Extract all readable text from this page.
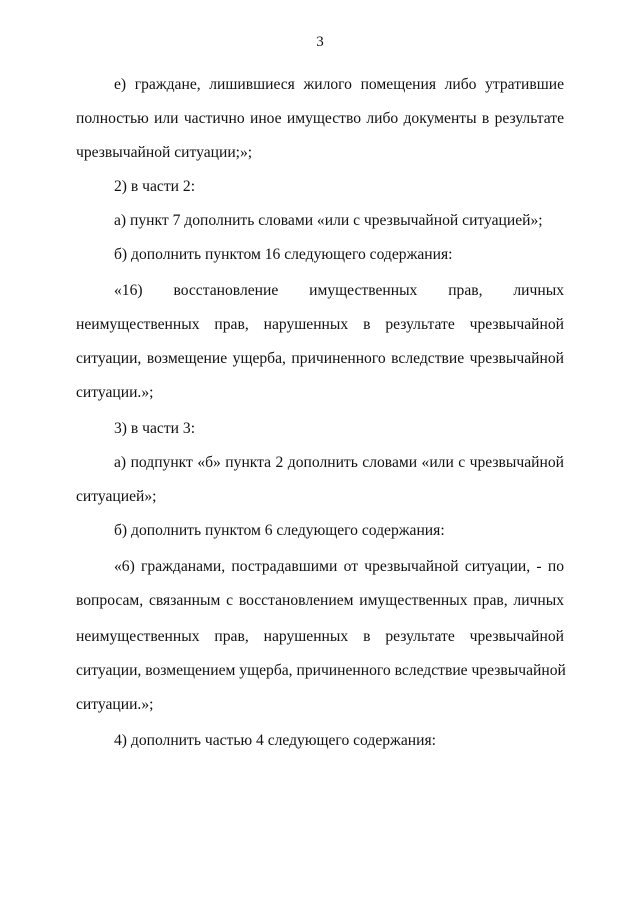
3
е) граждане, лишившиеся жилого помещения либо утратившие
полностью или частично иное имущество либо документы в результате
чрезвычайной ситуации;»;
2) в части 2:
а) пункт 7 дополнить словами «или с чрезвычайной ситуацией»;
б) дополнить пунктом 16 следующего содержания:
«16) восстановление имущественных прав, личных
неимущественных прав, нарушенных в результате чрезвычайной
ситуации, возмещение ущерба, причиненного вследствие чрезвычайной
ситуации.»;
3) в части 3:
а) подпункт «б» пункта 2 дополнить словами «или с чрезвычайной
ситуацией»;
б) дополнить пунктом 6 следующего содержания:
«6) гражданами, пострадавшими от чрезвычайной ситуации, - по
вопросам, связанным с восстановлением имущественных прав, личных
неимущественных прав, нарушенных в результате чрезвычайной
ситуации, возмещением ущерба, причиненного вследствие чрезвычайной
ситуации.»;
4) дополнить частью 4 следующего содержания:
